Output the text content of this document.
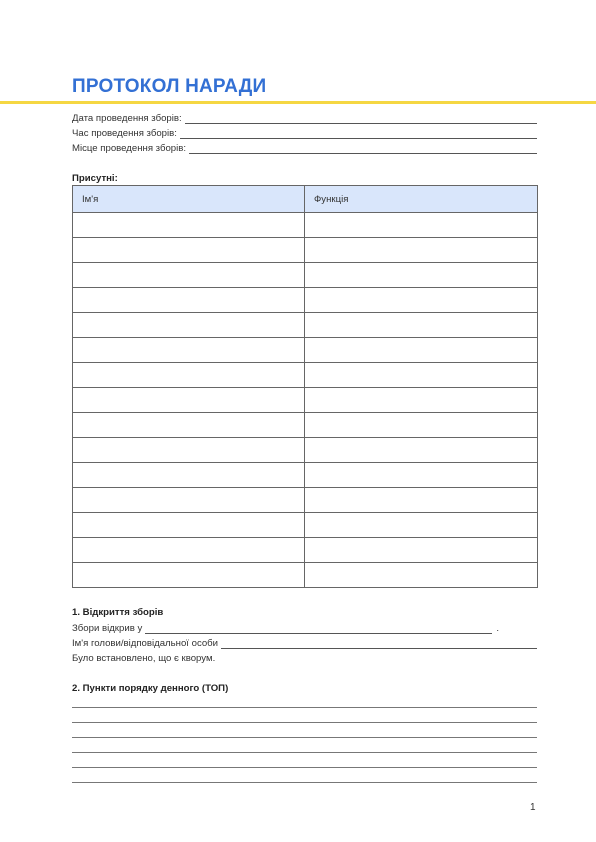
ПРОТОКОЛ НАРАДИ
Дата проведення зборів:
Час проведення зборів:
Місце проведення зборів:
Присутні:
Ім'я	Функція

1. Відкриття зборів
Збори відкрив у	.
Ім'я голови/відповідальної особи
Було встановлено, що є кворум.
2. Пункти порядку денного (ТОП)
1
